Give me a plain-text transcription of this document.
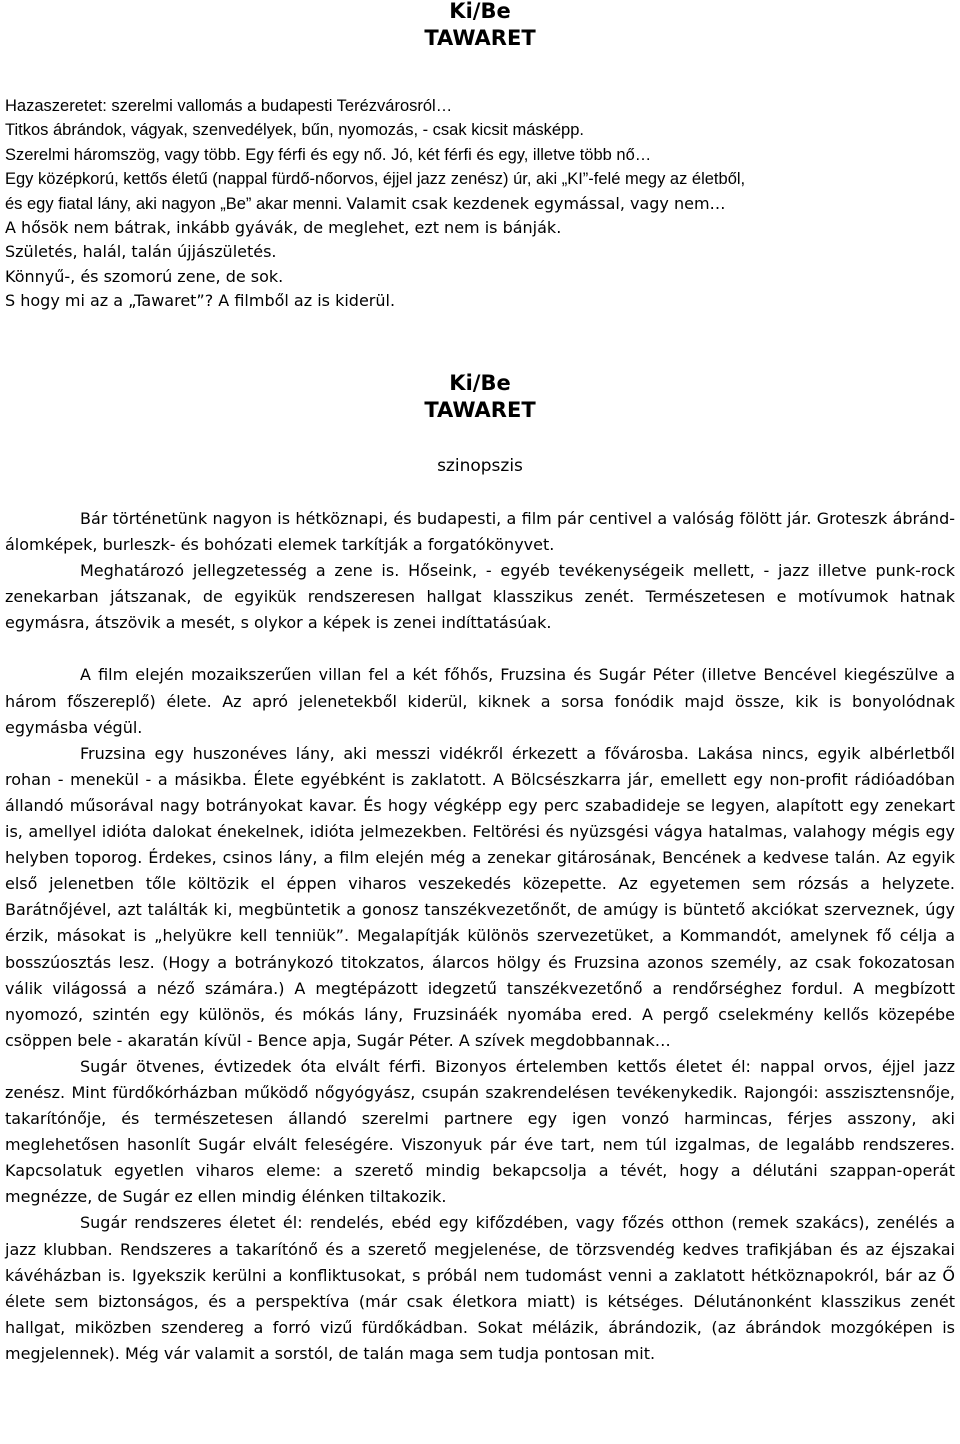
Ki/Be
TAWARET
Hazaszeretet: szerelmi vallomás a budapesti Terézvárosról…
Titkos ábrándok, vágyak, szenvedélyek, bűn, nyomozás, - csak kicsit másképp.
Szerelmi háromszög, vagy több. Egy férfi és egy nő. Jó, két férfi és egy, illetve több nő…
Egy középkorú, kettős életű (nappal fürdő-nőorvos, éjjel jazz zenész) úr, aki „KI”-felé megy az életből,
és egy fiatal lány, aki nagyon „Be” akar menni. Valamit csak kezdenek egymással, vagy nem…
A hősök nem bátrak, inkább gyávák, de meglehet, ezt nem is bánják.
Születés, halál, talán újjászületés.
Könnyű-, és szomorú zene, de sok.
S hogy mi az a „Tawaret”? A filmből az is kiderül.
Ki/Be
TAWARET
szinopszis

Bár történetünk nagyon is hétköznapi, és budapesti, a film pár centivel a valóság fölött jár. Groteszk ábránd-álomképek, burleszk- és bohózati elemek tarkítják a forgatókönyvet.

Meghatározó jellegzetesség a zene is. Hőseink, - egyéb tevékenységeik mellett, - jazz illetve punk-rock zenekarban játszanak, de egyikük rendszeresen hallgat klasszikus zenét. Természetesen e motívumok hatnak egymásra, átszövik a mesét, s olykor a képek is zenei indíttatásúak.

A film elején mozaikszerűen villan fel a két főhős, Fruzsina és Sugár Péter (illetve Bencével kiegészülve a három főszereplő) élete. Az apró jelenetekből kiderül, kiknek a sorsa fonódik majd össze, kik is bonyolódnak egymásba végül.

Fruzsina egy huszonéves lány, aki messzi vidékről érkezett a fővárosba. Lakása nincs, egyik albérletből rohan - menekül - a másikba. Élete egyébként is zaklatott. A Bölcsészkarra jár, emellett egy non-profit rádióadóban állandó műsorával nagy botrányokat kavar. És hogy végképp egy perc szabadideje se legyen, alapított egy zenekart is, amellyel idióta dalokat énekelnek, idióta jelmezekben. Feltörési és nyüzsgési vágya hatalmas, valahogy mégis egy helyben toporog. Érdekes, csinos lány, a film elején még a zenekar gitárosának, Bencének a kedvese talán. Az egyik első jelenetben tőle költözik el éppen viharos veszekedés közepette. Az egyetemen sem rózsás a helyzete. Barátnőjével, azt találták ki, megbüntetik a gonosz tanszékvezetőnőt, de amúgy is büntető akciókat szerveznek, úgy érzik, másokat is „helyükre kell tenniük”. Megalapítják különös szervezetüket, a Kommandót, amelynek fő célja a bosszúosztás lesz. (Hogy a botránykozó titokzatos, álarcos hölgy és Fruzsina azonos személy, az csak fokozatosan válik világossá a néző számára.) A megtépázott idegzetű tanszékvezetőnő a rendőrséghez fordul. A megbízott nyomozó, szintén egy különös, és mókás lány, Fruzsináék nyomába ered. A pergő cselekmény kellős közepébe csöppen bele - akaratán kívül - Bence apja, Sugár Péter. A szívek megdobbannak…

Sugár ötvenes, évtizedek óta elvált férfi. Bizonyos értelemben kettős életet él: nappal orvos, éjjel jazz zenész. Mint fürdőkórházban működő nőgyógyász, csupán szakrendelésen tevékenykedik. Rajongói: asszisztensnője, takarítónője, és természetesen állandó szerelmi partnere egy igen vonzó harmincas, férjes asszony, aki meglehetősen hasonlít Sugár elvált feleségére. Viszonyuk pár éve tart, nem túl izgalmas, de legalább rendszeres. Kapcsolatuk egyetlen viharos eleme: a szerető mindig bekapcsolja a tévét, hogy a délutáni szappan-operát megnézze, de Sugár ez ellen mindig élénken tiltakozik.

Sugár rendszeres életet él: rendelés, ebéd egy kifőzdében, vagy főzés otthon (remek szakács), zenélés a jazz klubban. Rendszeres a takarítónő és a szerető megjelenése, de törzsvendég kedves trafikjában és az éjszakai kávéházban is. Igyekszik kerülni a konfliktusokat, s próbál nem tudomást venni a zaklatott hétköznapokról, bár az Ő élete sem biztonságos, és a perspektíva (már csak életkora miatt) is kétséges. Délutánonként klasszikus zenét hallgat, miközben szendereg a forró vizű fürdőkádban. Sokat mélázik, ábrándozik, (az ábrándok mozgóképen is megjelennek). Még vár valamit a sorstól, de talán maga sem tudja pontosan mit.
